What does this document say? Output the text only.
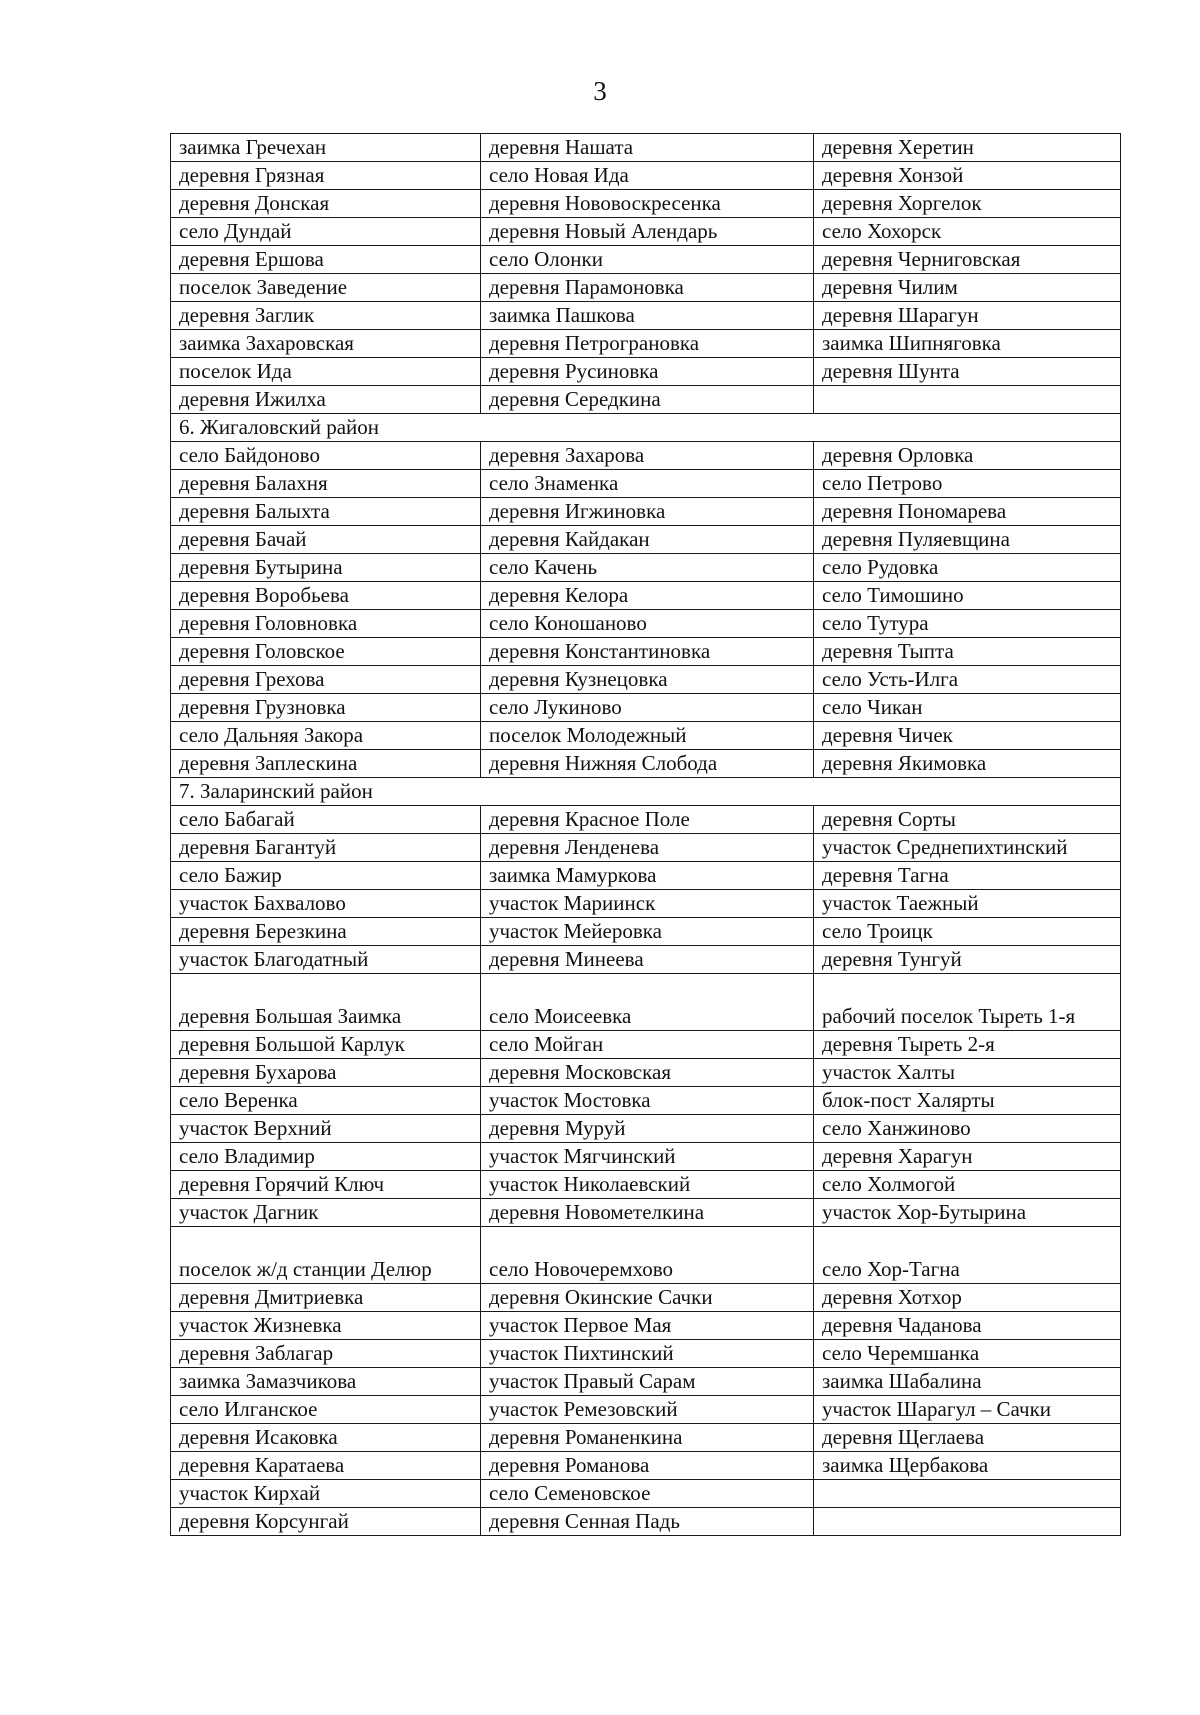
3
заимка Гречехан	деревня Нашата	деревня Херетин
деревня Грязная	село Новая Ида	деревня Хонзой
деревня Донская	деревня Нововоскресенка	деревня Хоргелок
село Дундай	деревня Новый Алендарь	село Хохорск
деревня Ершова	село Олонки	деревня Черниговская
поселок Заведение	деревня Парамоновка	деревня Чилим
деревня Заглик	заимка Пашкова	деревня Шарагун
заимка Захаровская	деревня Петрограновка	заимка Шипняговка
поселок Ида	деревня Русиновка	деревня Шунта
деревня Ижилха	деревня Середкина	
6. Жигаловский район		
село Байдоново	деревня Захарова	деревня Орловка
деревня Балахня	село Знаменка	село Петрово
деревня Балыхта	деревня Игжиновка	деревня Пономарева
деревня Бачай	деревня Кайдакан	деревня Пуляевщина
деревня Бутырина	село Качень	село Рудовка
деревня Воробьева	деревня Келора	село Тимошино
деревня Головновка	село Коношаново	село Тутура
деревня Головское	деревня Константиновка	деревня Тыпта
деревня Грехова	деревня Кузнецовка	село Усть-Илга
деревня Грузновка	село Лукиново	село Чикан
село Дальняя Закора	поселок Молодежный	деревня Чичек
деревня Заплескина	деревня Нижняя Слобода	деревня Якимовка
7. Заларинский район		
село Бабагай	деревня Красное Поле	деревня Сорты
деревня Багантуй	деревня Ленденева	участок Среднепихтинский
село Бажир	заимка Мамуркова	деревня Тагна
участок Бахвалово	участок Мариинск	участок Таежный
деревня Березкина	участок Мейеровка	село Троицк
участок Благодатный	деревня Минеева	деревня Тунгуй
деревня Большая Заимка	село Моисеевка	рабочий поселок Тыреть 1-я
деревня Большой Карлук	село Мойган	деревня Тыреть 2-я
деревня Бухарова	деревня Московская	участок Халты
село Веренка	участок Мостовка	блок-пост Халярты
участок Верхний	деревня Муруй	село Ханжиново
село Владимир	участок Мягчинский	деревня Харагун
деревня Горячий Ключ	участок Николаевский	село Холмогой
участок Дагник	деревня Новометелкина	участок Хор-Бутырина
поселок ж/д станции Делюр	село Новочеремхово	село Хор-Тагна
деревня Дмитриевка	деревня Окинские Сачки	деревня Хотхор
участок Жизневка	участок Первое Мая	деревня Чаданова
деревня Заблагар	участок Пихтинский	село Черемшанка
заимка Замазчикова	участок Правый Сарам	заимка Шабалина
село Илганское	участок Ремезовский	участок Шарагул – Сачки
деревня Исаковка	деревня Романенкина	деревня Щеглаева
деревня Каратаева	деревня Романова	заимка Щербакова
участок Кирхай	село Семеновское	
деревня Корсунгай	деревня Сенная Падь	
